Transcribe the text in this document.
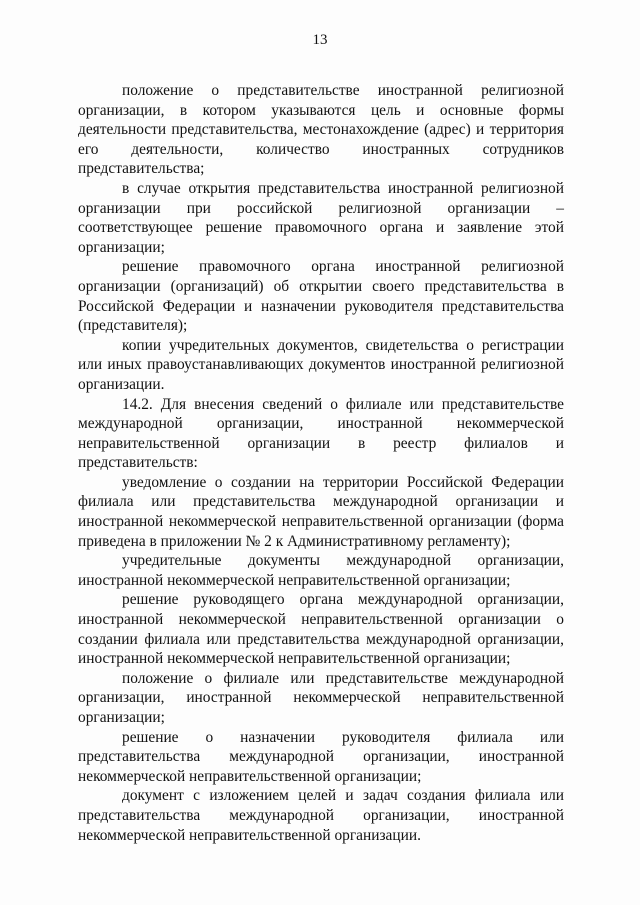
13

положение о представительстве иностранной религиозной организации, в котором указываются цель и основные формы деятельности представительства, местонахождение (адрес) и территория его деятельности, количество иностранных сотрудников представительства;

в случае открытия представительства иностранной религиозной организации при российской религиозной организации – соответствующее решение правомочного органа и заявление этой организации;

решение правомочного органа иностранной религиозной организации (организаций) об открытии своего представительства в Российской Федерации и назначении руководителя представительства (представителя);

копии учредительных документов, свидетельства о регистрации или иных правоустанавливающих документов иностранной религиозной организации.

14.2. Для внесения сведений о филиале или представительстве международной организации, иностранной некоммерческой неправительственной организации в реестр филиалов и представительств:

уведомление о создании на территории Российской Федерации филиала или представительства международной организации и иностранной некоммерческой неправительственной организации (форма приведена в приложении № 2 к Административному регламенту);

учредительные документы международной организации, иностранной некоммерческой неправительственной организации;

решение руководящего органа международной организации, иностранной некоммерческой неправительственной организации о создании филиала или представительства международной организации, иностранной некоммерческой неправительственной организации;

положение о филиале или представительстве международной организации, иностранной некоммерческой неправительственной организации;

решение о назначении руководителя филиала или представительства международной организации, иностранной некоммерческой неправительственной организации;

документ с изложением целей и задач создания филиала или представительства международной организации, иностранной некоммерческой неправительственной организации.
